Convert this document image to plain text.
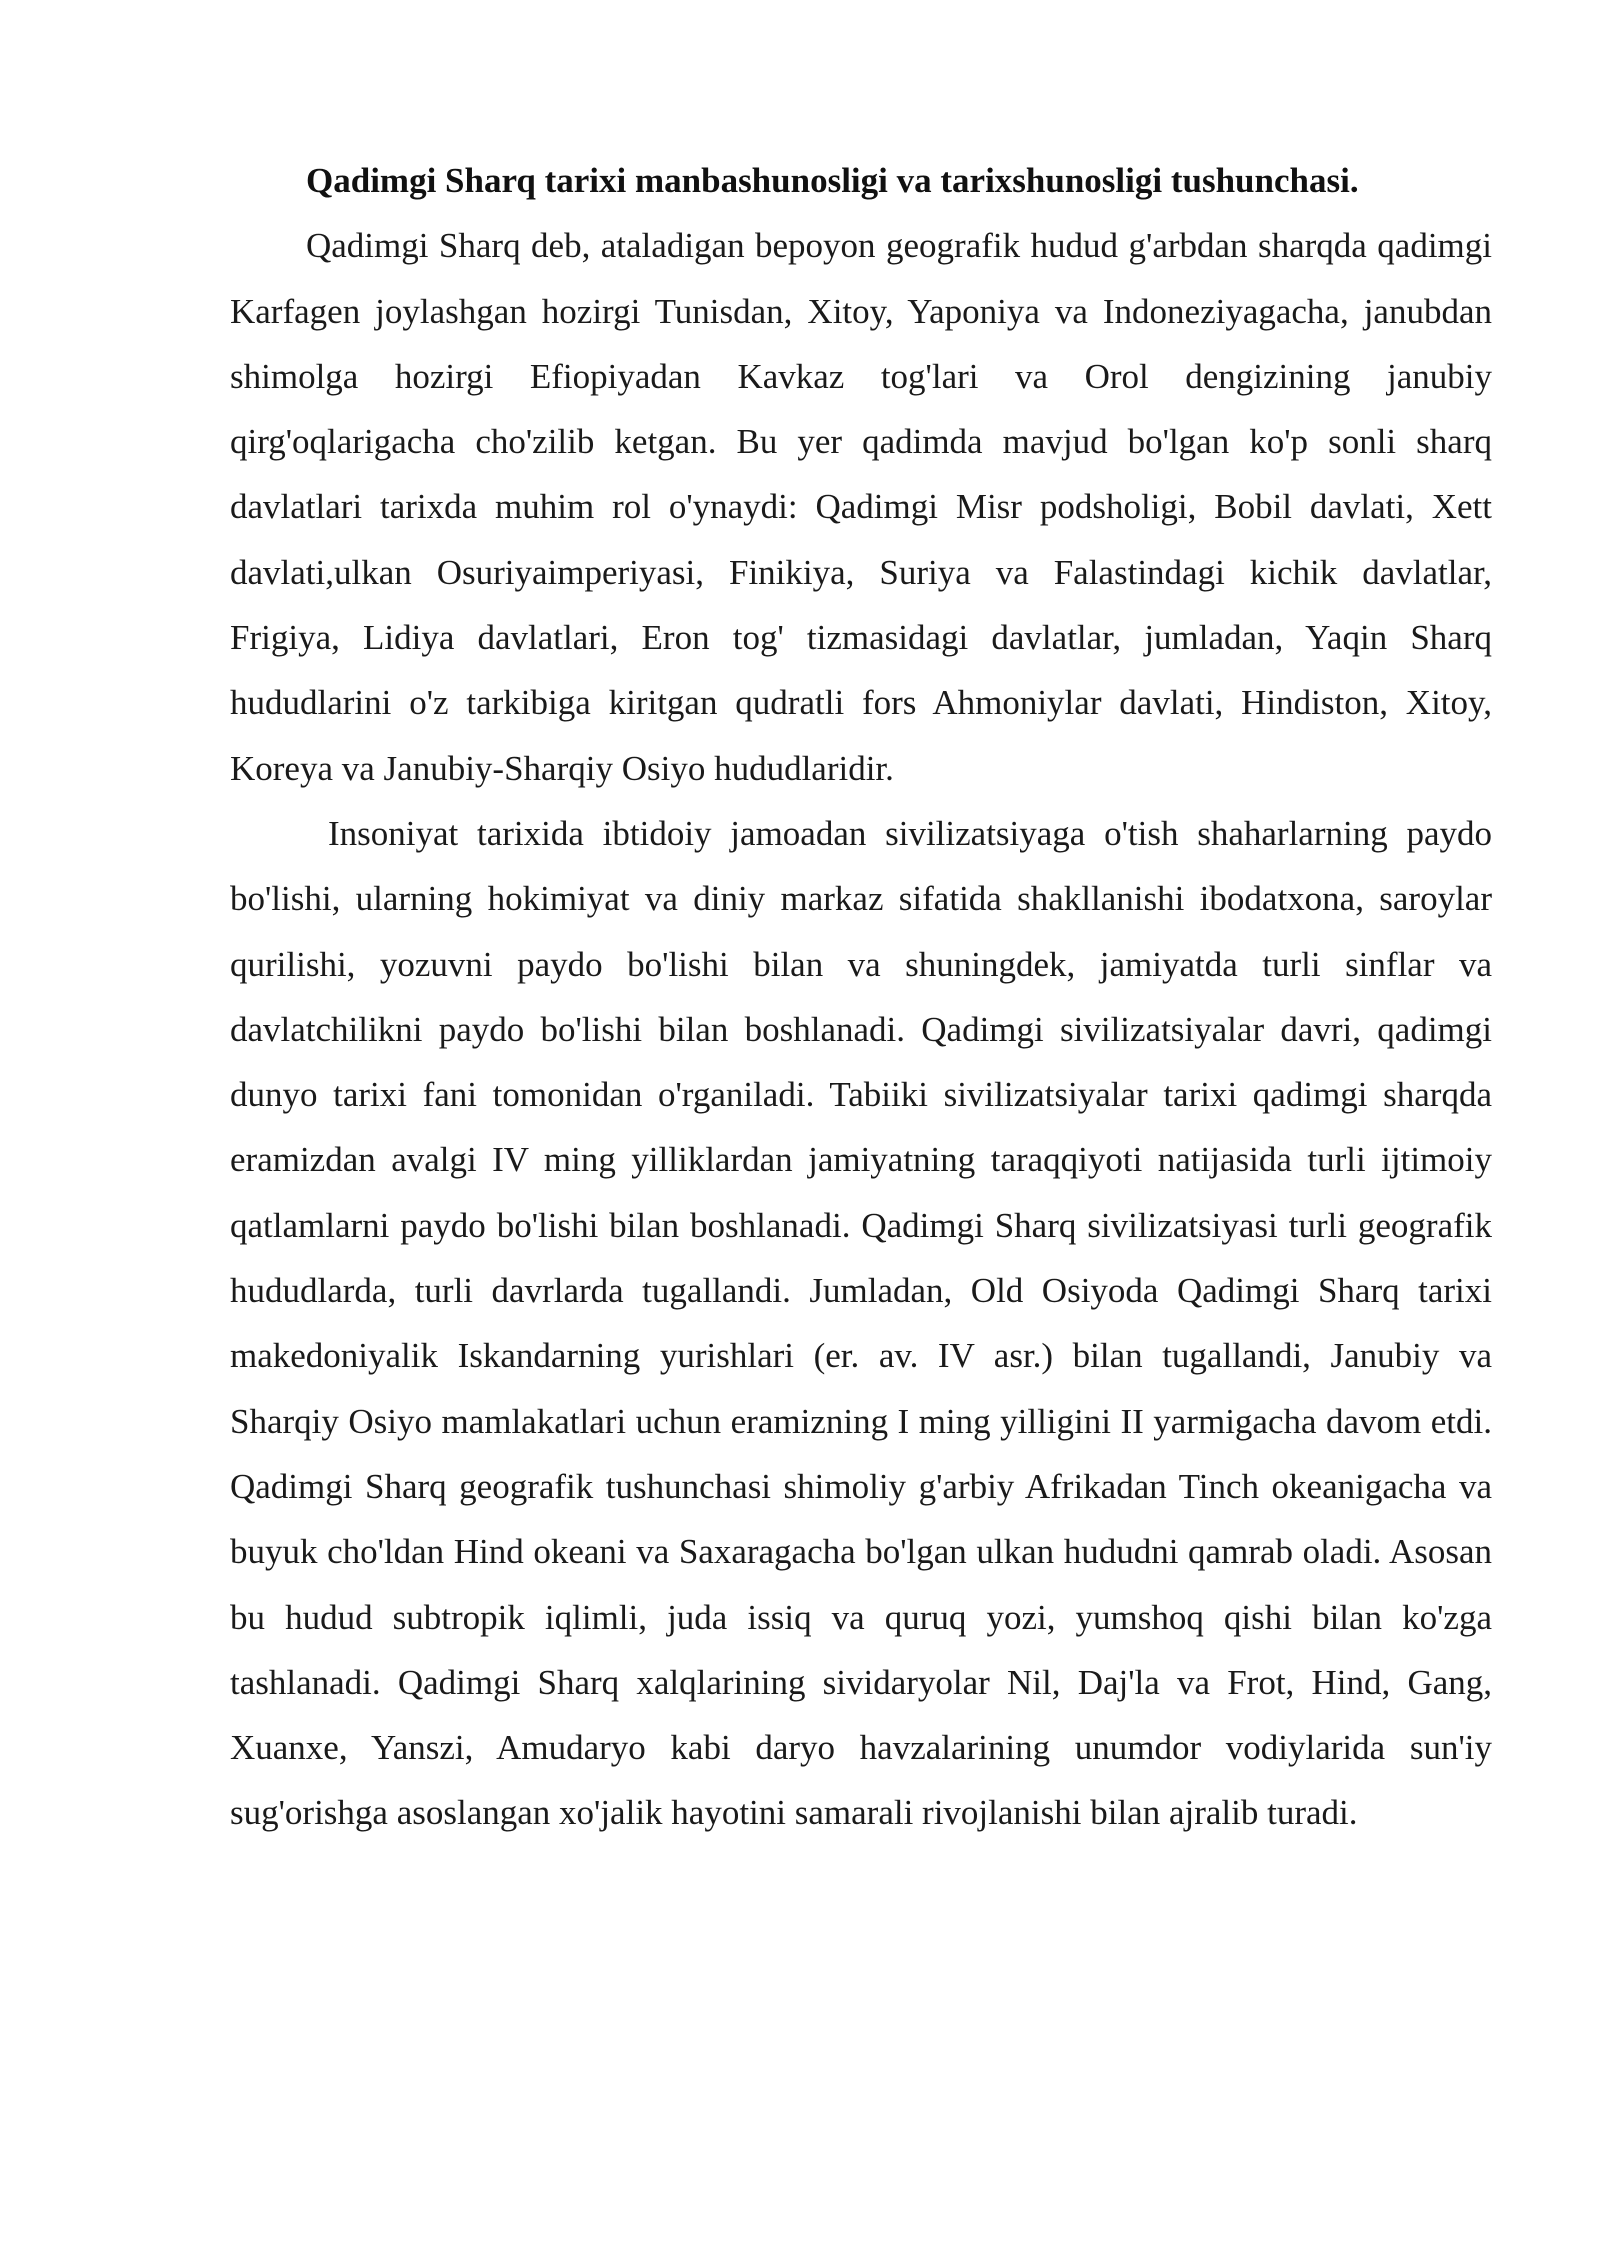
Qadimgi Sharq tarixi manbashunosligi va tarixshunosligi tushunchasi.

Qadimgi Sharq deb, ataladigan bepoyon geografik hudud g'arbdan sharqda qadimgi Karfagen joylashgan hozirgi Tunisdan, Xitoy, Yaponiya va Indoneziyagacha, janubdan shimolga hozirgi Efiopiyadan Kavkaz tog'lari va Orol dengizining janubiy qirg'oqlarigacha cho'zilib ketgan. Bu yer qadimda mavjud bo'lgan ko'p sonli sharq davlatlari tarixda muhim rol o'ynaydi: Qadimgi Misr podsholigi, Bobil davlati, Xett davlati,ulkan Osuriyaimperiyasi, Finikiya, Suriya va Falastindagi kichik davlatlar, Frigiya, Lidiya davlatlari, Eron tog' tizmasidagi davlatlar, jumladan, Yaqin Sharq hududlarini o'z tarkibiga kiritgan qudratli fors Ahmoniylar davlati, Hindiston, Xitoy, Koreya va Janubiy-Sharqiy Osiyo hududlaridir.

Insoniyat tarixida ibtidoiy jamoadan sivilizatsiyaga o'tish shaharlarning paydo bo'lishi, ularning hokimiyat va diniy markaz sifatida shakllanishi ibodatxona, saroylar qurilishi, yozuvni paydo bo'lishi bilan va shuningdek, jamiyatda turli sinflar va davlatchilikni paydo bo'lishi bilan boshlanadi. Qadimgi sivilizatsiyalar davri, qadimgi dunyo tarixi fani tomonidan o'rganiladi. Tabiiki sivilizatsiyalar tarixi qadimgi sharqda eramizdan avalgi IV ming yilliklardan jamiyatning taraqqiyoti natijasida turli ijtimoiy qatlamlarni paydo bo'lishi bilan boshlanadi. Qadimgi Sharq sivilizatsiyasi turli geografik hududlarda, turli davrlarda tugallandi. Jumladan, Old Osiyoda Qadimgi Sharq tarixi makedoniyalik Iskandarning yurishlari (er. av. IV asr.) bilan tugallandi, Janubiy va Sharqiy Osiyo mamlakatlari uchun eramizning I ming yilligini II yarmigacha davom etdi. Qadimgi Sharq geografik tushunchasi shimoliy g'arbiy Afrikadan Tinch okeanigacha va buyuk cho'ldan Hind okeani va Saxaragacha bo'lgan ulkan hududni qamrab oladi. Asosan bu hudud subtropik iqlimli, juda issiq va quruq yozi, yumshoq qishi bilan ko'zga tashlanadi. Qadimgi Sharq xalqlarining sividaryolar Nil, Daj'la va Frot, Hind, Gang, Xuanxe, Yanszi, Amudaryo kabi daryo havzalarining unumdor vodiylarida sun'iy sug'orishga asoslangan xo'jalik hayotini samarali rivojlanishi bilan ajralib turadi.
